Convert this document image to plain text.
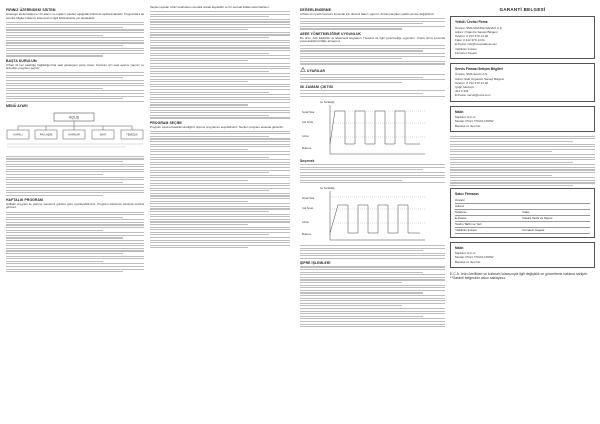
FIRINIZ ÜZERİNDEKİ SİSTEM
Gösterge ekranındaki her bir alanın ve tuşların işlevleri aşağıdaki bölümde açıklanmaktadır. Programlara ait ayrıntılı bilgiler kullanım kılavuzunun ilgili bölümlerinde yer almaktadır.
BAŞTA KURULUM
Cihazı ilk kez elektriğe bağladığınızda saat göstergesi yanıp söner. Kurulum için saat ayarını yapınız ve ardından programı seçiniz.
MENÜ AYARI
AÇILIŞ
KAPALI	PAYLAŞIM	AYARLAR	SAAT	TEMİZLİK
HAFTALIK PROGRAM
Haftalık program ile pişirme sürelerini günlere göre ayarlayabilirsiniz. Program süresince ekranda sembol görünür.
Seçilen ayarlar cihaz tarafından otomatik olarak kaydedilir ve bir sonraki kullanımda hatırlanır.
PROGRAM SEÇİMİ
Program tuşuna basarak istediğiniz pişirme programını seçebilirsiniz. Seçilen program ekranda gösterilir.
DEĞERLENDİRME
Cihazınızın performansını korumak için düzenli bakım yapınız. Arızalı parçaları yetkili servise değiştirtiniz.
AEEE YÖNETMELİĞİNE UYGUNLUK
Bu ürün, Atık Elektrikli ve Elektronik Eşyaların Yönetimi ile ilgili yönetmeliğe uygundur. Ürünü ömrü sonunda evsel atıklarla birlikte atmayınız.
UYARILAR
ISI ZAMANI ÇIKTISI
Isı Sıcaklığı
Sıcak Hava
Çok Sıcak
Isıtma
Bekleme
Seçenek
Isı Sıcaklığı
Sıcak Hava
Çok Sıcak
Isıtma
Bekleme
ŞİFRE İŞLEMLERİ
GARANTİ BELGESİ
Yetkili / Üretici Firma
Ünvanı: SMA MAKİNA SANAYİ A.Ş.
Adres: Organize Sanayi Bölgesi
Telefon: 0 212 370 14 00
Faks: 0 212 370 14 01
E-Posta: info@smamakina.com
Yetkilinin İmzası:
Firmanın Kaşesi:
Servis Firması İletişim Bilgileri
Ünvanı: SMA Servis A.Ş.
Adres: Eski Organize Sanayi Bölgesi
Telefon: 0 212 370 13 00
Çağrı Merkezi:
444 0 333
E-Posta: servis@sma.com
Malın
Markası: E.C.A.
Modeli: POLY TOUCH 600W
Bandrol ve Seri No:
Satıcı Firmanın
Ünvanı:
Adresi:
Telefonu:	Faks:
E-Posta:	Fatura Tarihi ve Sayısı:
Teslim Tarihi ve Yeri:
Yetkilinin İmzası:	Firmanın Kaşesi:
Malın
Markası: E.C.A.
Modeli: POLY TOUCH 600W
Bandrol ve Seri No:
E.C.A. ürün özellikleri ve kullanım kılavuzuyla ilgili değişiklik ve güncelleme hakkına sahiptir. **Garanti belgesinin aslını saklayınız.
